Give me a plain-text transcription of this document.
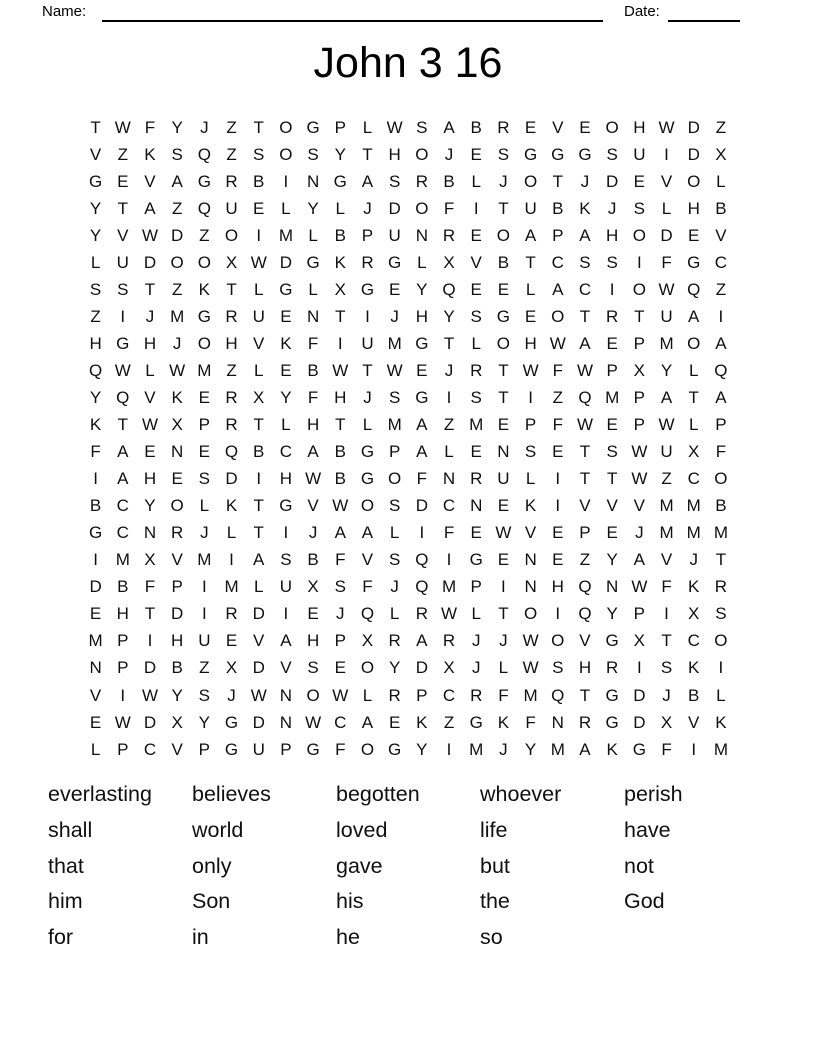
Name:	Date:
John 3 16
T W F Y	J	Z T O G P L W S A B R E V E O H W D Z
V Z K S Q Z S O S Y T H O J	E S G G G S U	I	D X
G E V A G R B	I	N G A S R B L	J O T	J D E V O L
Y T A Z Q U E L Y L	J D O F	I	T U B K	J	S L H B
Y V W D Z O	I	M L B P U N R E O A P A H O D E V
L U D O O X W D G K R G L X V B T C S S	I	F G C
S S T Z K T	L G L X G E Y Q E E L A C	I	O W Q Z
Z	I	J M G R U E N T	I	J H Y S G E O T R T U A	I
H G H J O H V K F	I	U M G T	L O H W A E P M O A
Q W L W M Z	L E B W T W E	J R T W F W P X Y L Q
Y Q V K E R X Y F H J	S G	I	S T	I	Z Q M P A T A
K T W X P R T	L H T	L M A Z M E P F W E P W L P
F A E N E Q B C A B G P A L E N S E T S W U X F
I	A H E S D	I	H W B G O F N R U L	I	T T W Z C O
B C Y O L K T G V W O S D C N E K	I	V V V M M B
G C N R J	L	T	I	J	A A L	I	F E W V E P E	J M M M
I	M X V M	I	A S B F V S Q	I	G E N E Z Y A V	J	T
D B F P	I	M L U X S F	J Q M P	I	N H Q N W F K R
E H T D	I	R D	I	E	J Q L R W L	T O	I	Q Y P	I	X S
M P	I	H U E V A H P X R A R J	J W O V G X T C O
N P D B Z X D V S E O Y D X	J	L W S H R	I	S K	I
V	I W Y S	J W N O W L R P C R F M Q T G D J	B L
E W D X Y G D N W C A E K Z G K F N R G D X V K
L P C V P G U P G F O G Y	I	M J	Y M A K G F	I	M
everlasting	believes	begotten	whoever	perish
shall	world	loved	life	have
that	only	gave	but	not
him	Son	his	the	God
for	in	he	so
